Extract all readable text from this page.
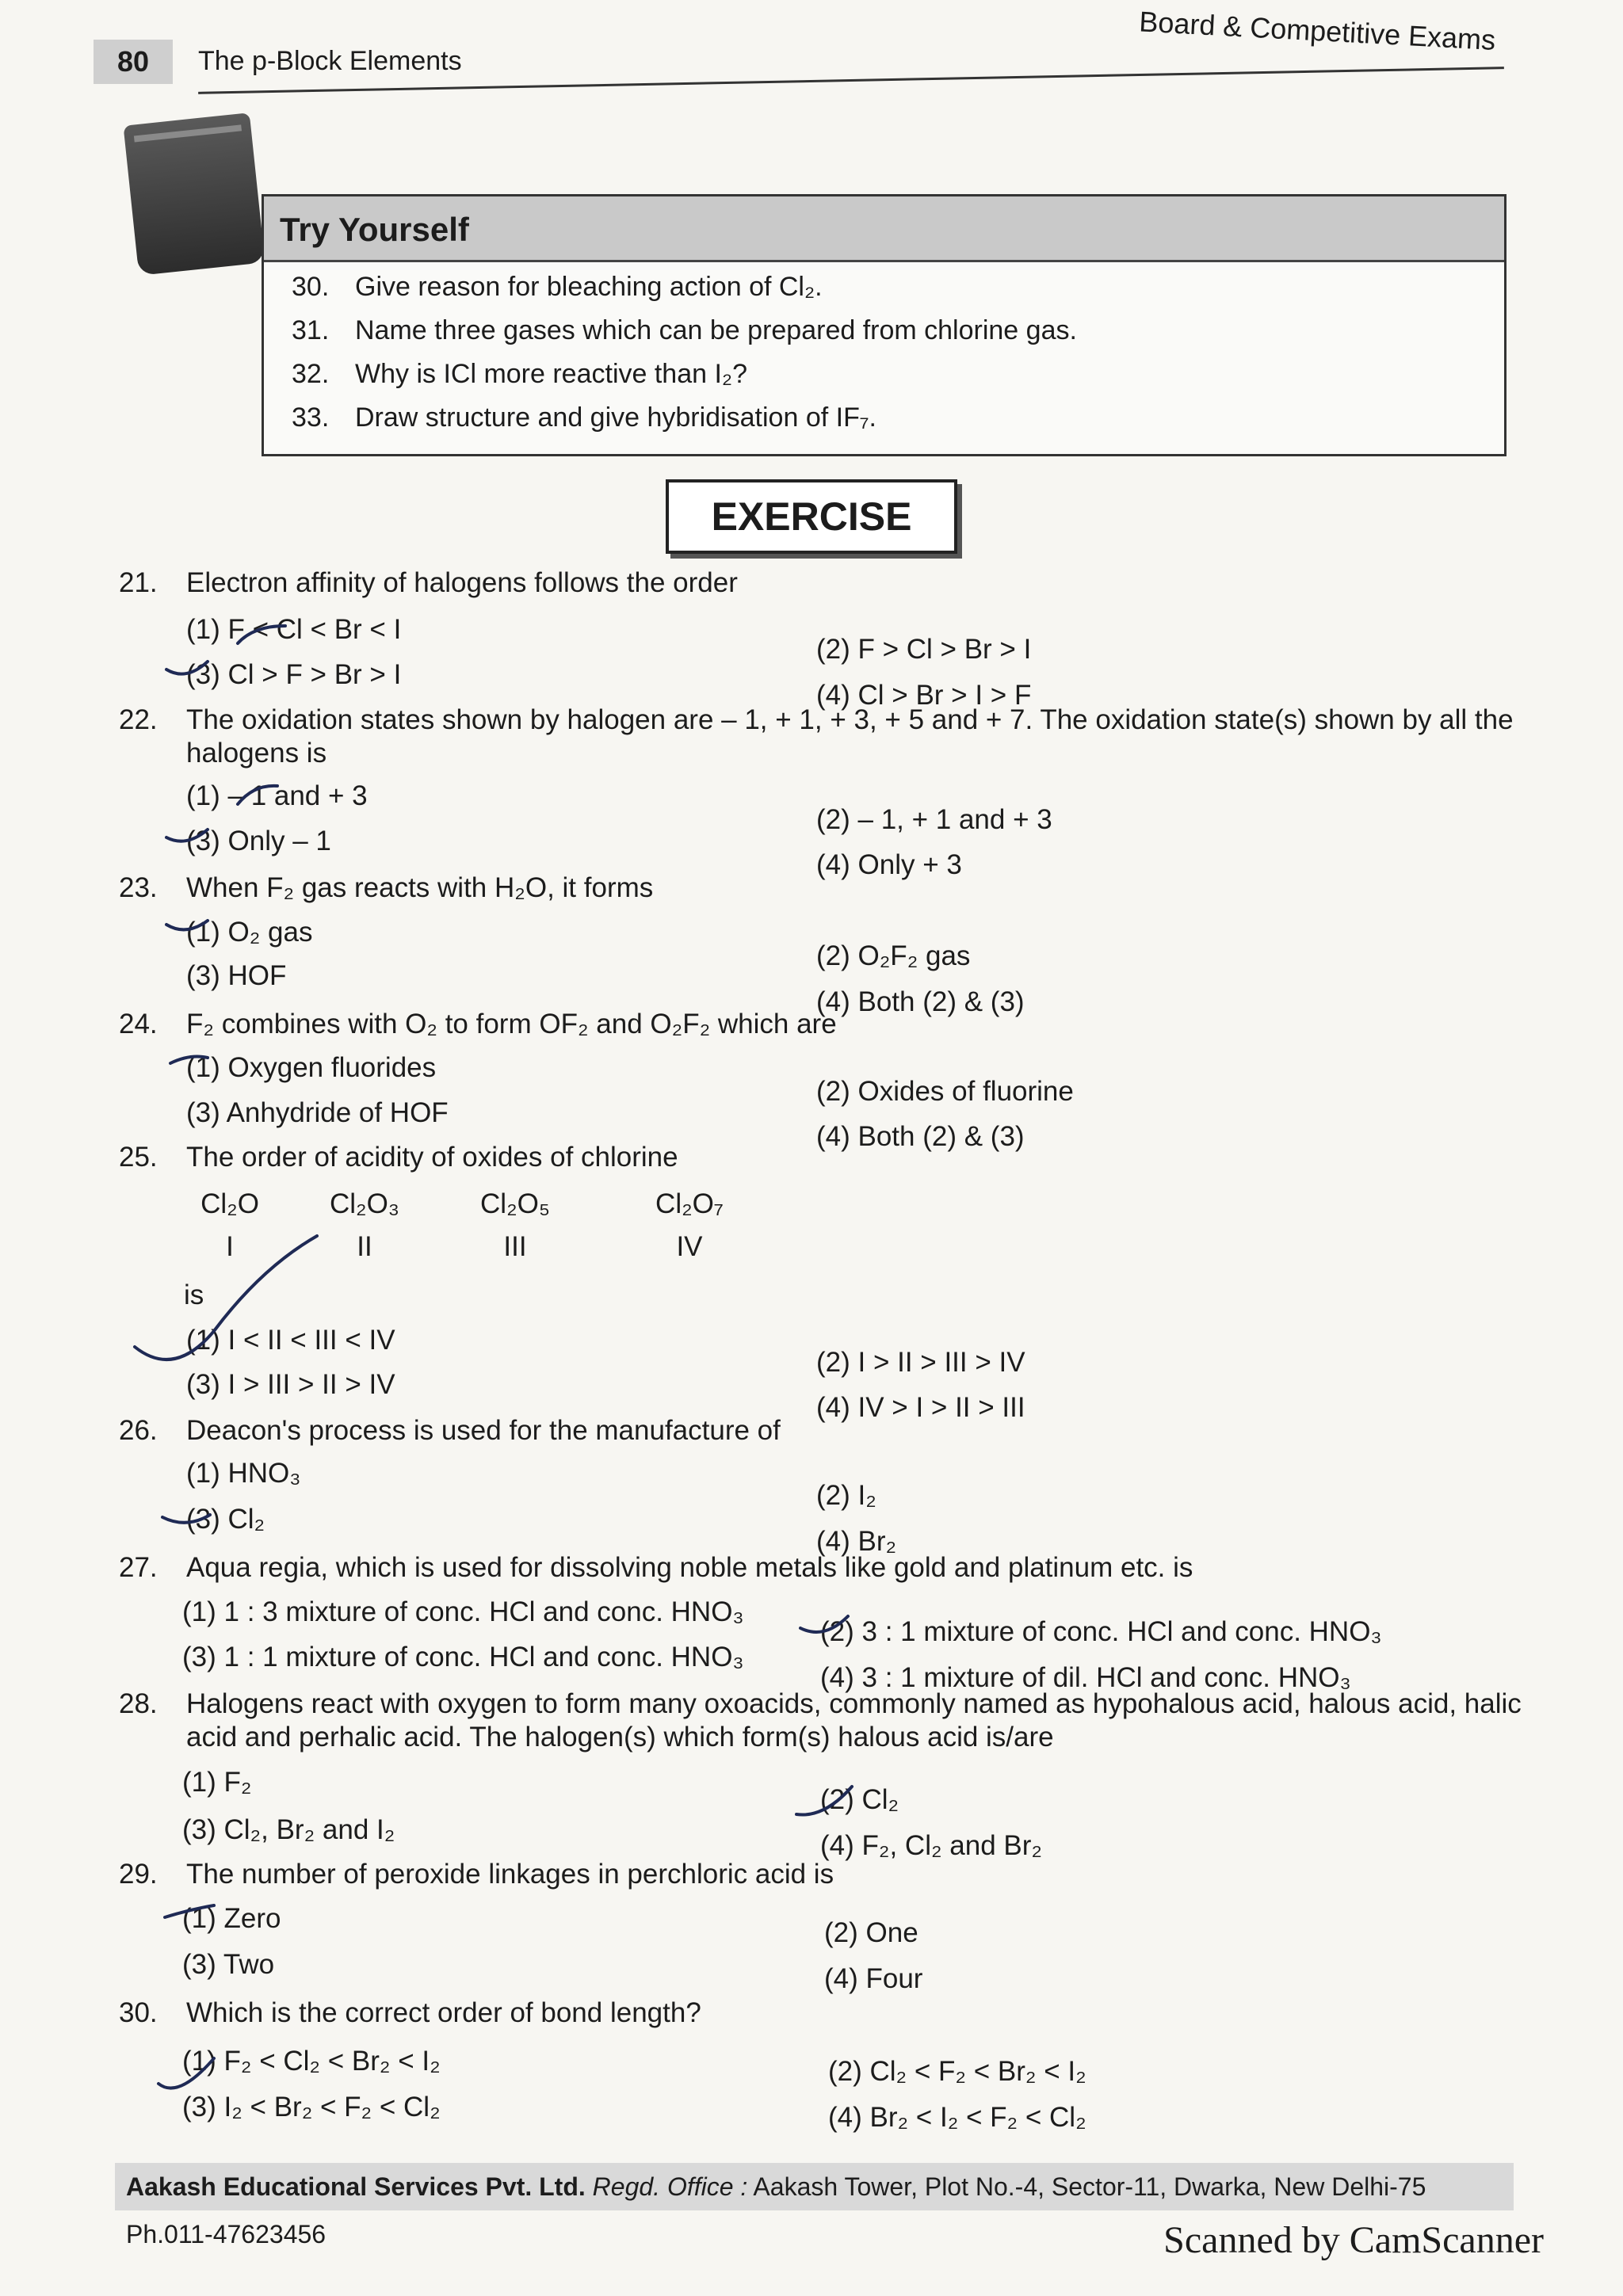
80	The p-Block Elements
Board & Competitive Exams
Try Yourself
30. Give reason for bleaching action of Cl₂.
31. Name three gases which can be prepared from chlorine gas.
32. Why is ICl more reactive than I₂?
33. Draw structure and give hybridisation of IF₇.
EXERCISE
21. Electron affinity of halogens follows the order
(1) F < Cl < Br < I
(2) F > Cl > Br > I
(3) Cl > F > Br > I
(4) Cl > Br > I > F
22. The oxidation states shown by halogen are – 1, + 1, + 3, + 5 and + 7. The oxidation state(s) shown by all the halogens is
(1) – 1 and + 3
(2) – 1, + 1 and + 3
(3) Only – 1
(4) Only + 3
23. When F₂ gas reacts with H₂O, it forms
(1) O₂ gas
(2) O₂F₂ gas
(3) HOF
(4) Both (2) & (3)
24. F₂ combines with O₂ to form OF₂ and O₂F₂ which are
(1) Oxygen fluorides
(2) Oxides of fluorine
(3) Anhydride of HOF
(4) Both (2) & (3)
25. The order of acidity of oxides of chlorine
Cl₂O
I
Cl₂O₃
II
Cl₂O₅
III
Cl₂O₇
IV
is
(1) I < II < III < IV
(2) I > II > III > IV
(3) I > III > II > IV
(4) IV > I > II > III
26. Deacon's process is used for the manufacture of
(1) HNO₃
(2) I₂
(3) Cl₂
(4) Br₂
27. Aqua regia, which is used for dissolving noble metals like gold and platinum etc. is
(1) 1 : 3 mixture of conc. HCl and conc. HNO₃
(2) 3 : 1 mixture of conc. HCl and conc. HNO₃
(3) 1 : 1 mixture of conc. HCl and conc. HNO₃
(4) 3 : 1 mixture of dil. HCl and conc. HNO₃
28. Halogens react with oxygen to form many oxoacids, commonly named as hypohalous acid, halous acid, halic acid and perhalic acid. The halogen(s) which form(s) halous acid is/are
(1) F₂
(2) Cl₂
(3) Cl₂, Br₂ and I₂
(4) F₂, Cl₂ and Br₂
29. The number of peroxide linkages in perchloric acid is
(1) Zero	(2) One
(3) Two	(4) Four
30. Which is the correct order of bond length?
(1) F₂ < Cl₂ < Br₂ < I₂	(2) Cl₂ < F₂ < Br₂ < I₂
(3) I₂ < Br₂ < F₂ < Cl₂	(4) Br₂ < I₂ < F₂ < Cl₂
Aakash Educational Services Pvt. Ltd. Regd. Office : Aakash Tower, Plot No.-4, Sector-11, Dwarka, New Delhi-75 Ph.011-47623456	Scanned by CamScanner
